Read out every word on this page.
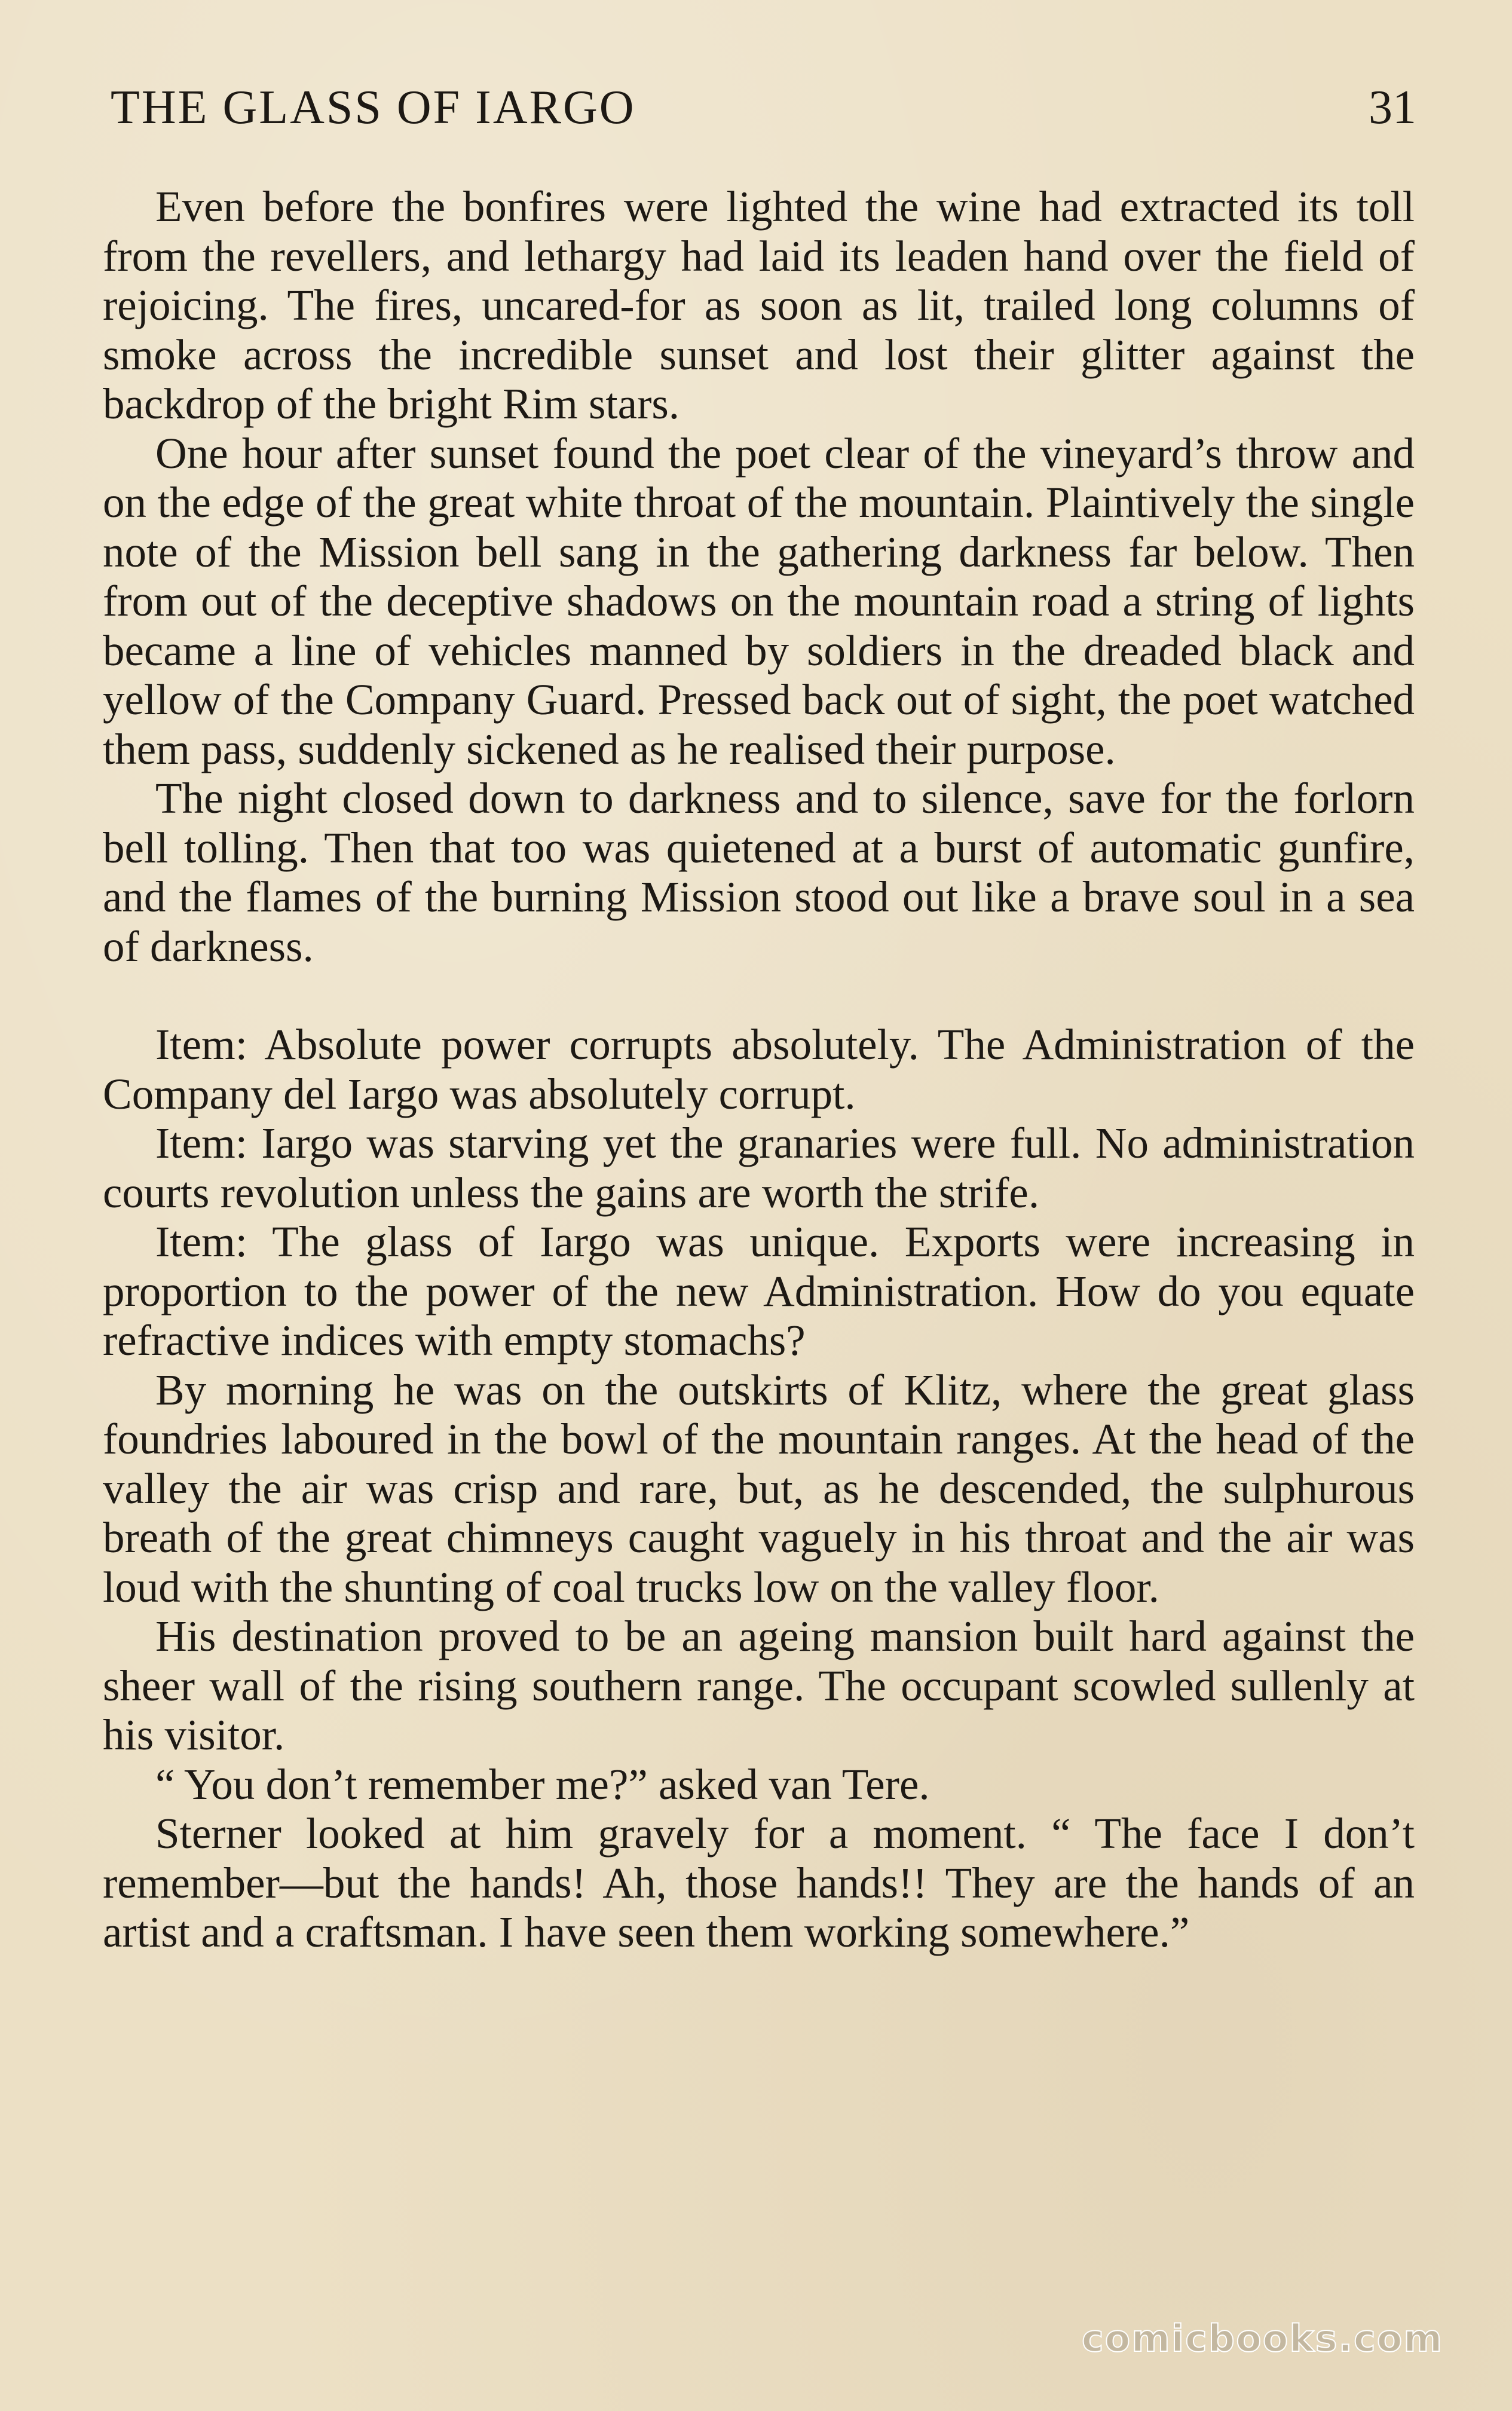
THE GLASS OF IARGO	31

Even before the bonfires were lighted the wine had extracted its toll from the revellers, and lethargy had laid its leaden hand over the field of rejoicing. The fires, uncared-for as soon as lit, trailed long columns of smoke across the incredible sunset and lost their glitter against the backdrop of the bright Rim stars.

One hour after sunset found the poet clear of the vineyard’s throw and on the edge of the great white throat of the mountain. Plaintively the single note of the Mission bell sang in the gathering darkness far below. Then from out of the deceptive shadows on the mountain road a string of lights became a line of vehicles manned by soldiers in the dreaded black and yellow of the Company Guard. Pressed back out of sight, the poet watched them pass, suddenly sickened as he realised their purpose.

The night closed down to darkness and to silence, save for the forlorn bell tolling. Then that too was quietened at a burst of automatic gunfire, and the flames of the burning Mission stood out like a brave soul in a sea of darkness.

Item: Absolute power corrupts absolutely. The Administration of the Company del Iargo was absolutely corrupt.

Item: Iargo was starving yet the granaries were full. No administration courts revolution unless the gains are worth the strife.

Item: The glass of Iargo was unique. Exports were increasing in proportion to the power of the new Administration. How do you equate refractive indices with empty stomachs?

By morning he was on the outskirts of Klitz, where the great glass foundries laboured in the bowl of the mountain ranges. At the head of the valley the air was crisp and rare, but, as he descended, the sulphurous breath of the great chimneys caught vaguely in his throat and the air was loud with the shunting of coal trucks low on the valley floor.

His destination proved to be an ageing mansion built hard against the sheer wall of the rising southern range. The occupant scowled sullenly at his visitor.

“ You don’t remember me?” asked van Tere.

Sterner looked at him gravely for a moment. “ The face I don’t remember—but the hands! Ah, those hands!! They are the hands of an artist and a craftsman. I have seen them working somewhere.”

comicbooks.com
